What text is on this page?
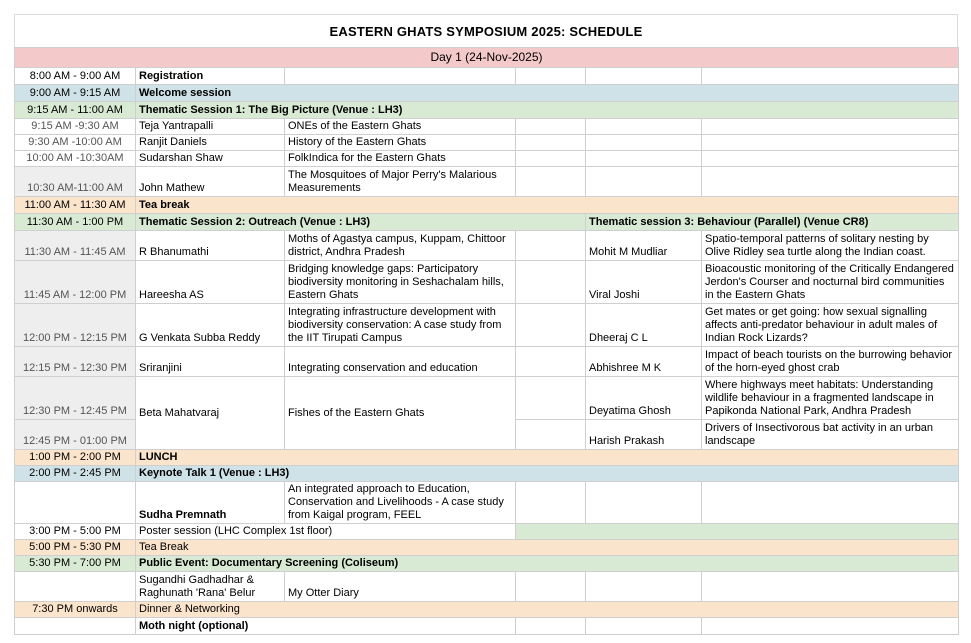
EASTERN GHATS SYMPOSIUM 2025: SCHEDULE
Day 1 (24-Nov-2025)					
8:00 AM - 9:00 AM	Registration				
9:00 AM - 9:15 AM	Welcome session				
9:15 AM - 11:00 AM	Thematic Session 1: The Big Picture (Venue : LH3)				
9:15 AM -9:30 AM	Teja Yantrapalli	ONEs of the Eastern Ghats			
9:30 AM -10:00 AM	Ranjit Daniels	History of the Eastern Ghats			
10:00 AM -10:30AM	Sudarshan Shaw	FolkIndica for the Eastern Ghats			
10:30 AM-11:00 AM	John Mathew	The Mosquitoes of Major Perry's Malarious Measurements			
11:00 AM - 11:30 AM	Tea break				
11:30 AM - 1:00 PM	Thematic Session 2: Outreach (Venue : LH3)			Thematic session 3: Behaviour (Parallel) (Venue CR8)	
11:30 AM - 11:45 AM	R Bhanumathi	Moths of Agastya campus, Kuppam, Chittoor district, Andhra Pradesh		Mohit M Mudliar	Spatio-temporal patterns of solitary nesting by Olive Ridley sea turtle along the Indian coast.
11:45 AM - 12:00 PM	Hareesha AS	Bridging knowledge gaps: Participatory biodiversity monitoring in Seshachalam hills, Eastern Ghats		Viral Joshi	Bioacoustic monitoring of the Critically Endangered Jerdon's Courser and nocturnal bird communities in the Eastern Ghats
12:00 PM - 12:15 PM	G Venkata Subba Reddy	Integrating infrastructure development with biodiversity conservation: A case study from the IIT Tirupati Campus		Dheeraj C L	Get mates or get going: how sexual signalling affects anti-predator behaviour in adult males of Indian Rock Lizards?
12:15 PM - 12:30 PM	Sriranjini	Integrating conservation and education		Abhishree M K	Impact of beach tourists on the burrowing behavior of the horn-eyed ghost crab
12:30 PM - 12:45 PM	Beta Mahatvaraj	Fishes of the Eastern Ghats		Deyatima Ghosh	Where highways meet habitats: Understanding wildlife behaviour in a fragmented landscape in Papikonda National Park, Andhra Pradesh
12:45 PM - 01:00 PM				Harish Prakash	Drivers of Insectivorous bat activity in an urban landscape
1:00 PM - 2:00 PM	LUNCH				
2:00 PM - 2:45 PM	Keynote Talk 1 (Venue : LH3)				
	Sudha Premnath	An integrated approach to Education, Conservation and Livelihoods - A case study from Kaigal program, FEEL			
3:00 PM - 5:00 PM	Poster session (LHC Complex 1st floor)				
5:00 PM - 5:30 PM	Tea Break				
5:30 PM - 7:00 PM	Public Event: Documentary Screening (Coliseum)				
	Sugandhi Gadhadhar & Raghunath 'Rana' Belur	My Otter Diary			
7:30 PM onwards	Dinner & Networking				
	Moth night (optional)				
